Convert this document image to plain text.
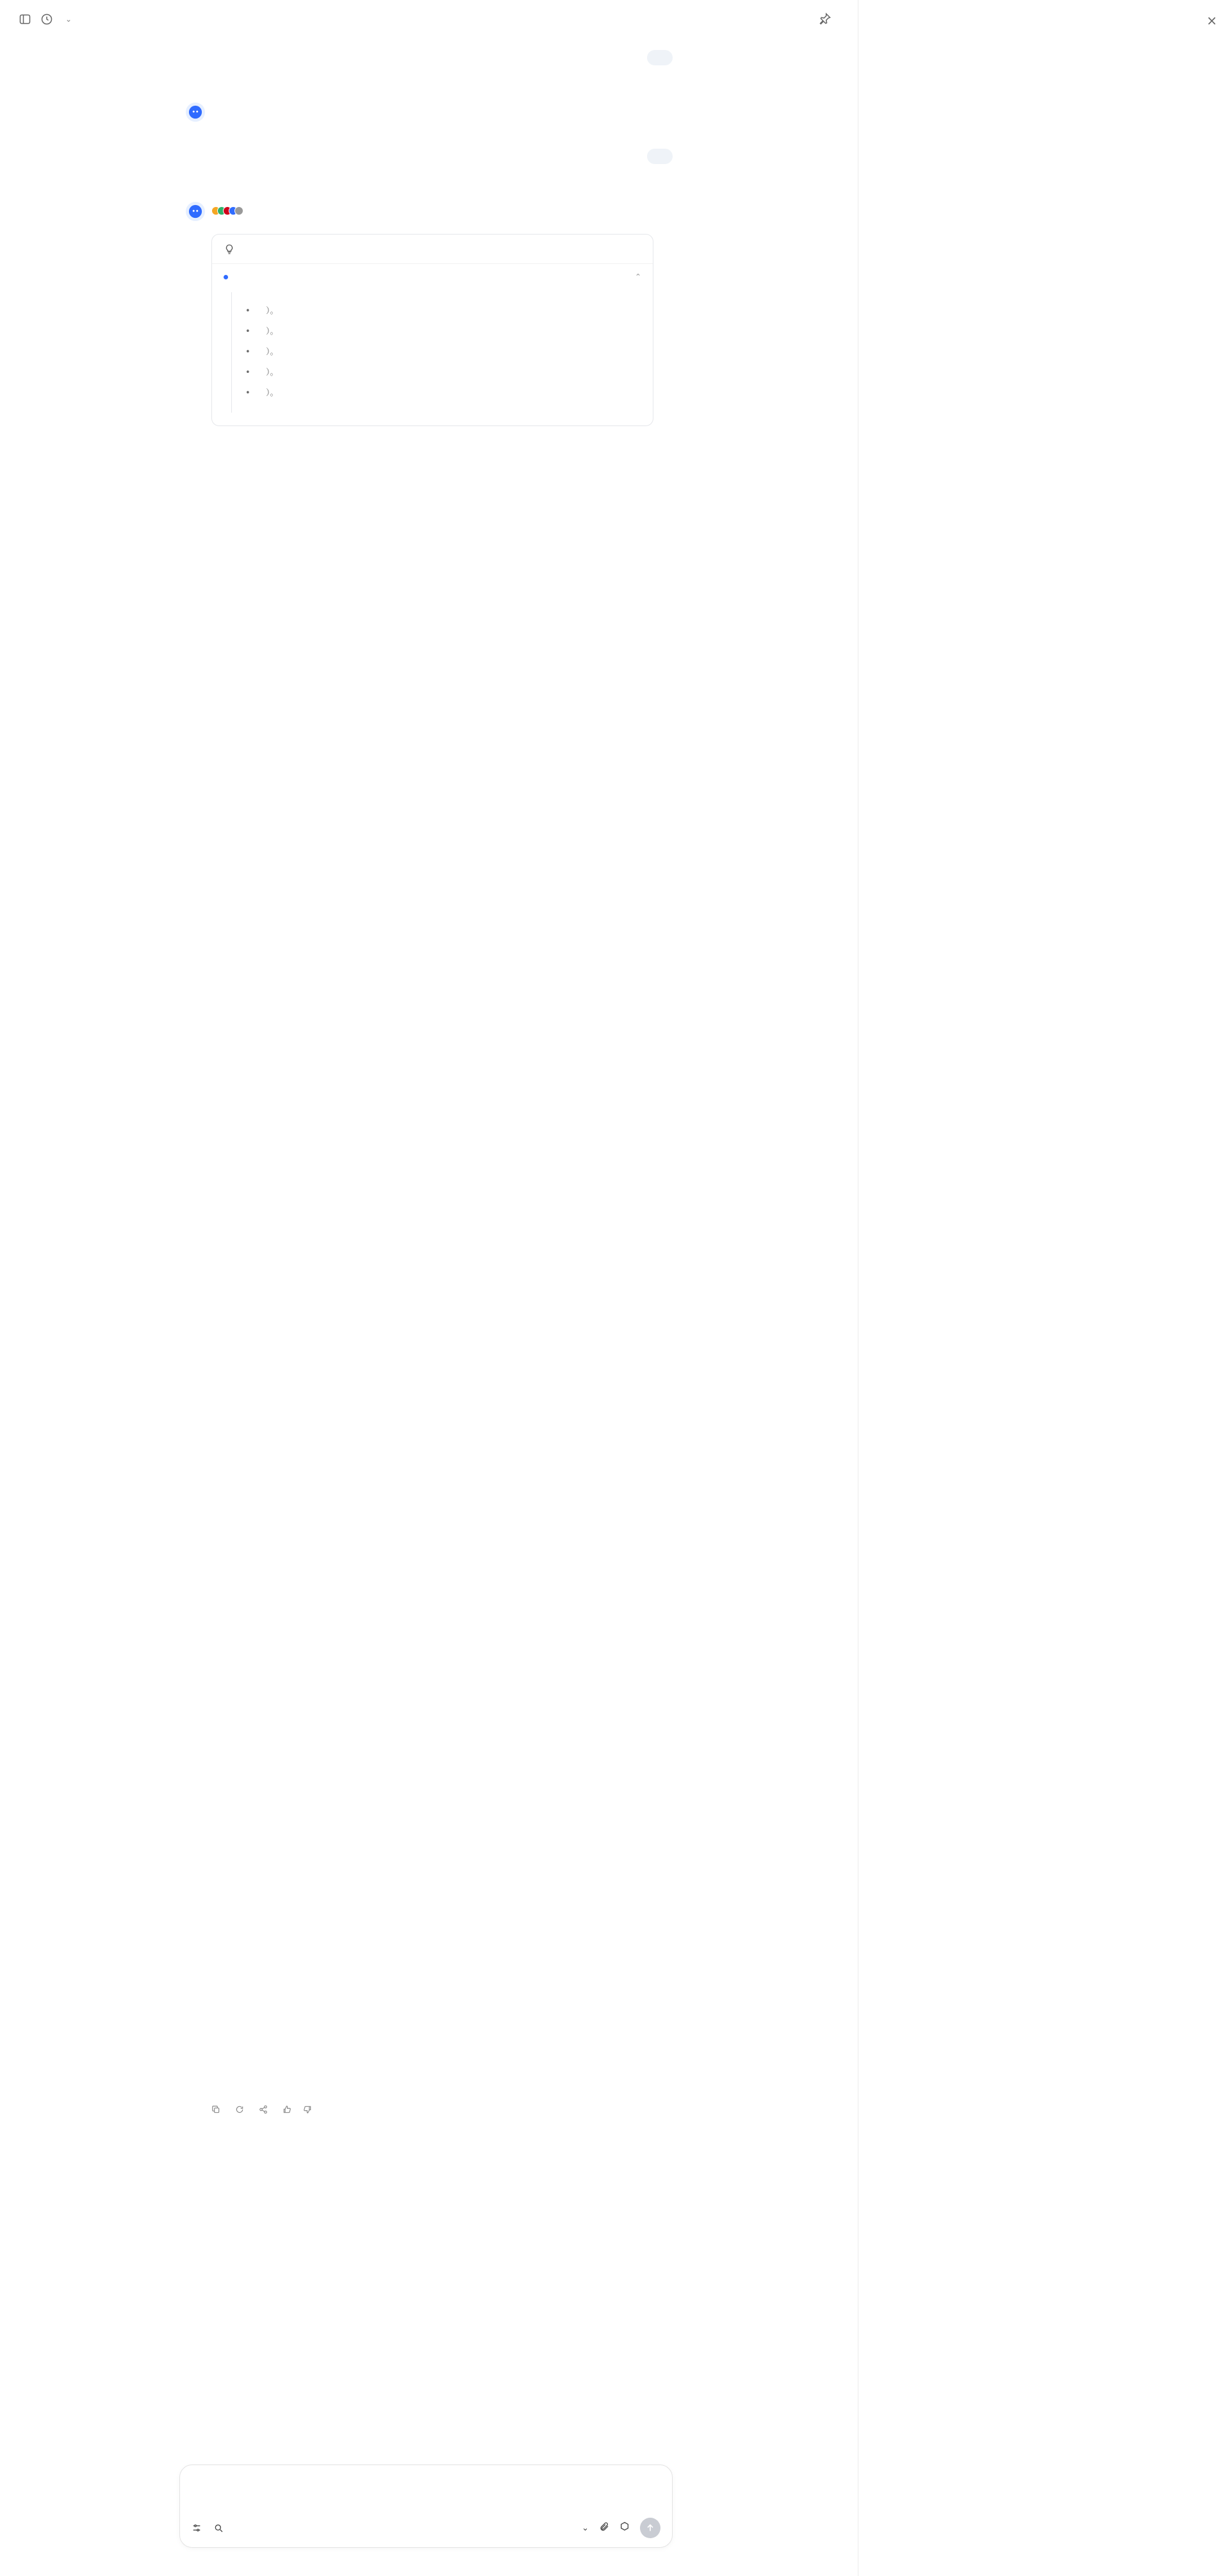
⌄
⌃

• ）。
• ）。
• ）。
• ）。
• ）。

⌄
×
